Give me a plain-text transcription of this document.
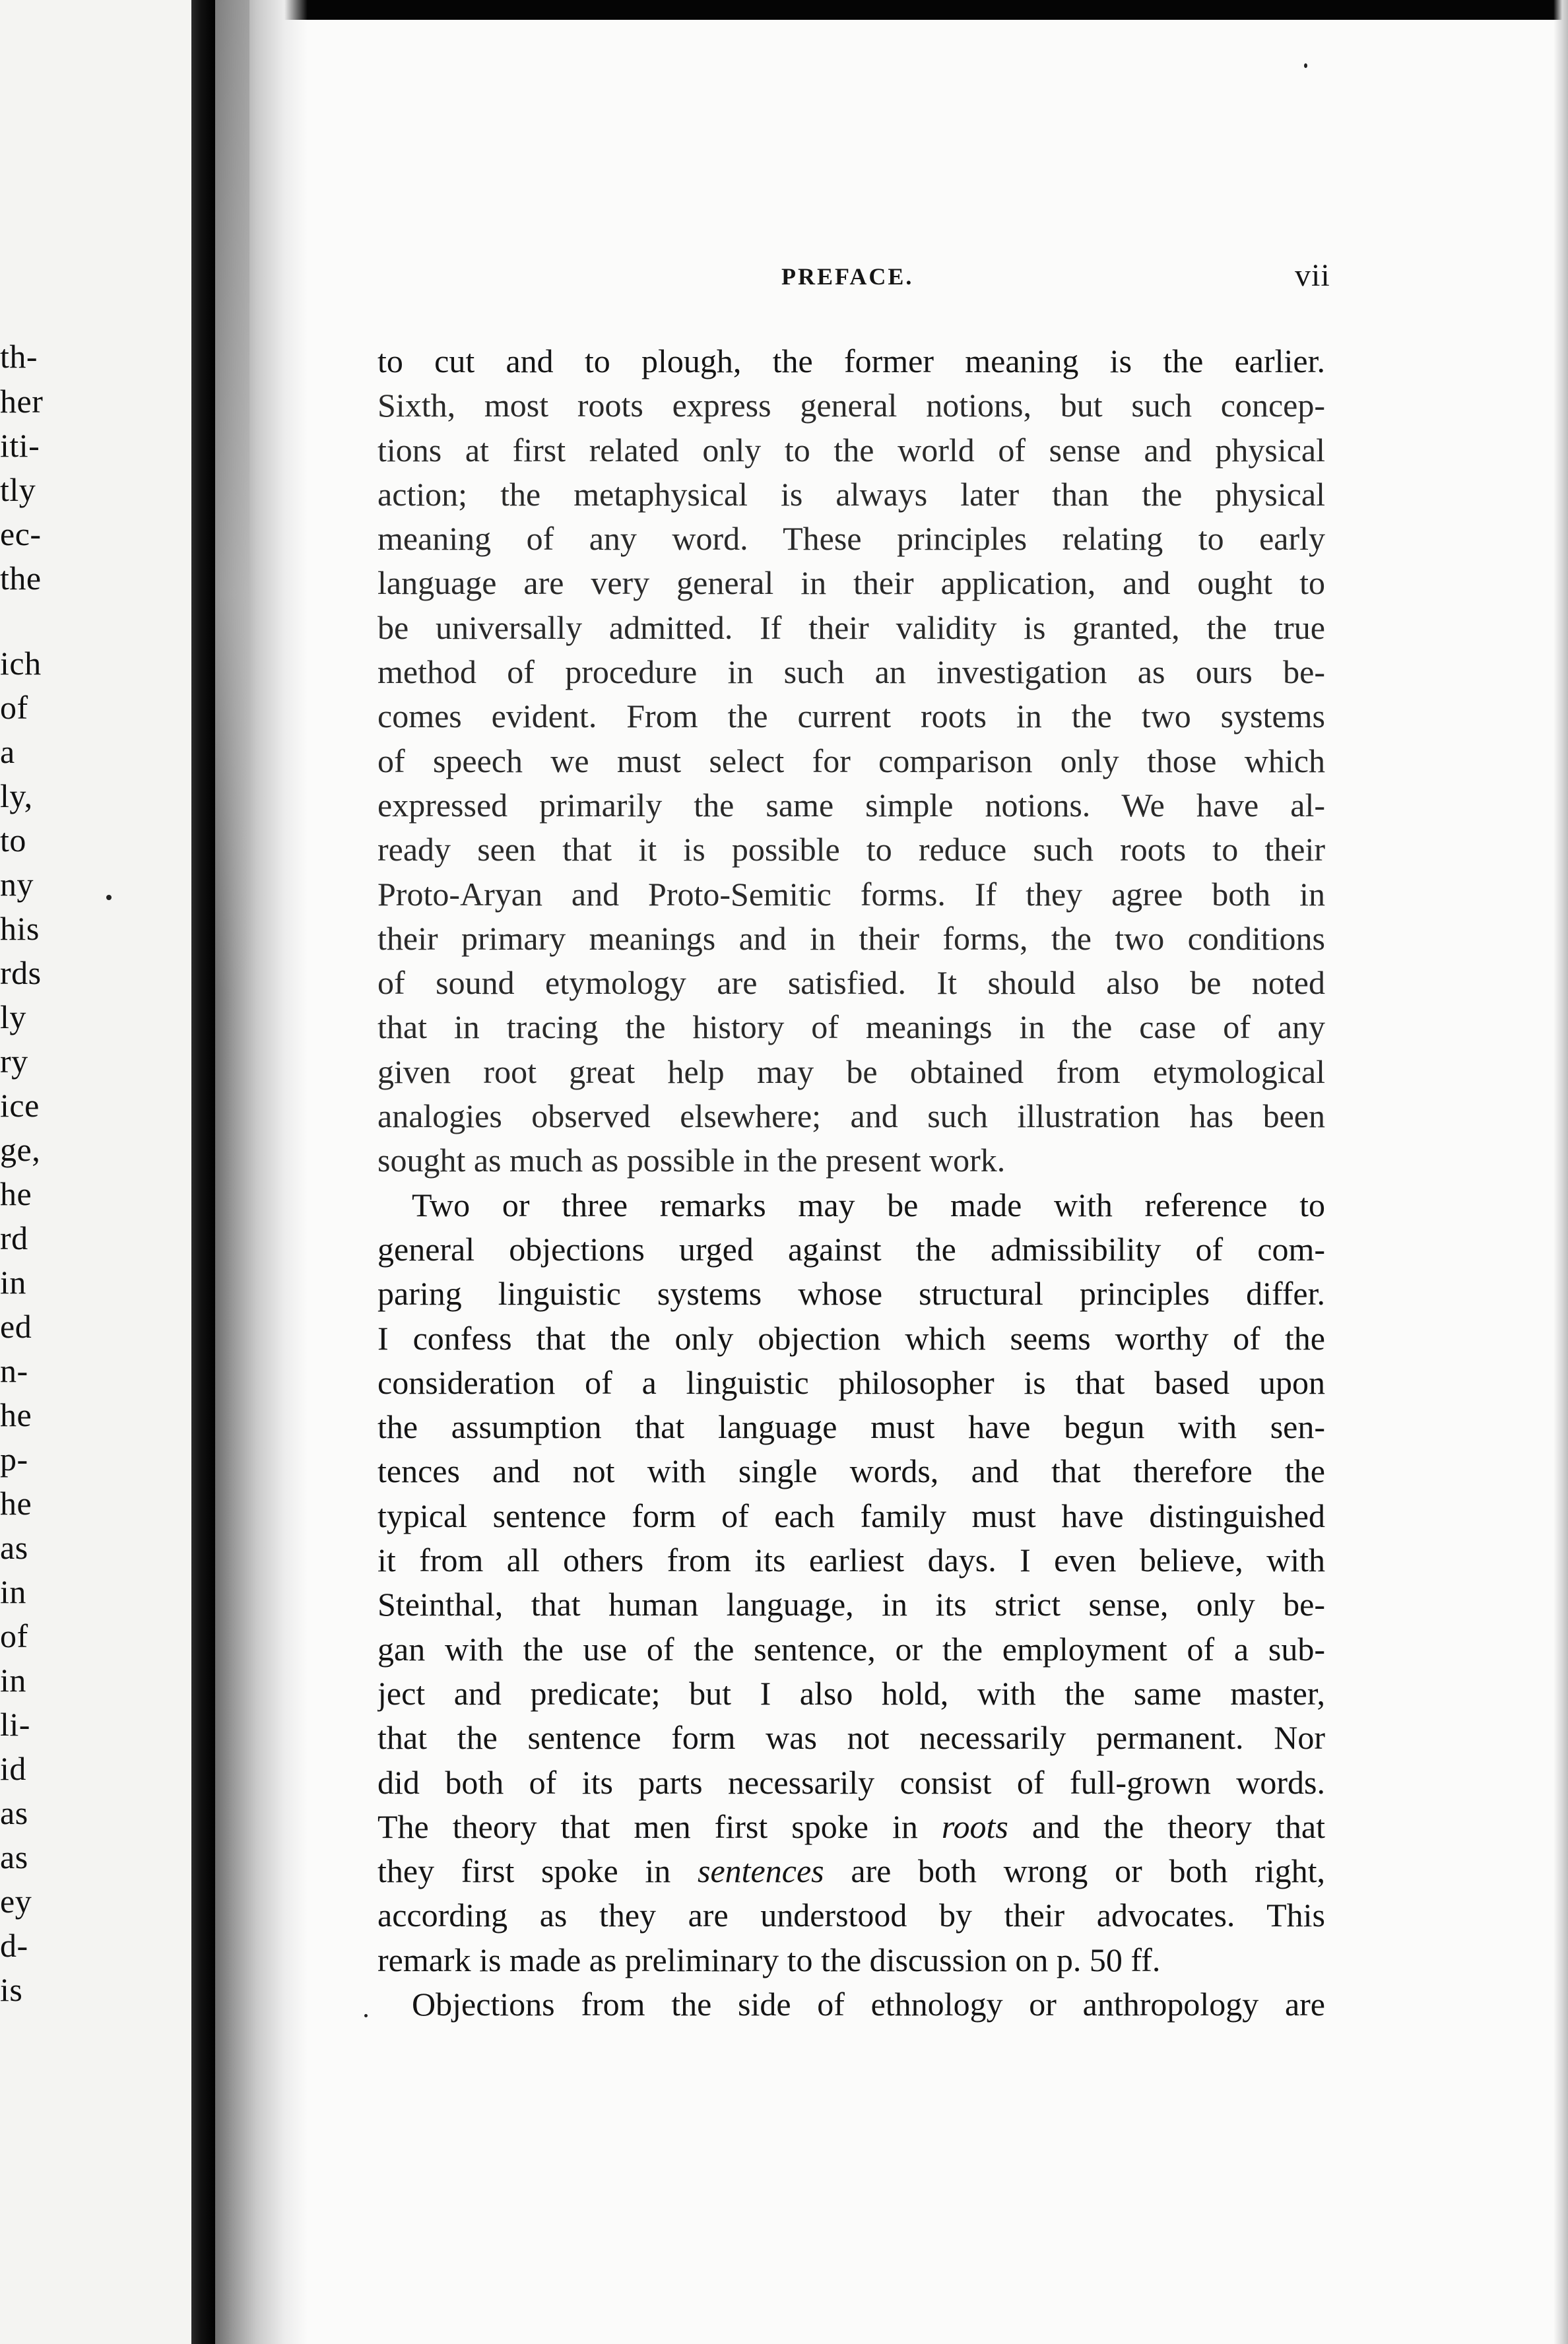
th-
her
iti-
tly
ec-
the
ich
of
a
ly,
to
ny
his
rds
ly
ry
ice
ge,
he
rd
in
ed
n-
he
p-
he
as
in
of
in
li-
id
as
as
ey
d-
is
PREFACE.	vii
to cut and to plough, the former meaning is the earlier.
Sixth, most roots express general notions, but such concep-
tions at first related only to the world of sense and physical
action; the metaphysical is always later than the physical
meaning of any word. These principles relating to early
language are very general in their application, and ought to
be universally admitted. If their validity is granted, the true
method of procedure in such an investigation as ours be-
comes evident. From the current roots in the two systems
of speech we must select for comparison only those which
expressed primarily the same simple notions. We have al-
ready seen that it is possible to reduce such roots to their
Proto-Aryan and Proto-Semitic forms. If they agree both in
their primary meanings and in their forms, the two conditions
of sound etymology are satisfied. It should also be noted
that in tracing the history of meanings in the case of any
given root great help may be obtained from etymological
analogies observed elsewhere; and such illustration has been
sought as much as possible in the present work.
Two or three remarks may be made with reference to
general objections urged against the admissibility of com-
paring linguistic systems whose structural principles differ.
I confess that the only objection which seems worthy of the
consideration of a linguistic philosopher is that based upon
the assumption that language must have begun with sen-
tences and not with single words, and that therefore the
typical sentence form of each family must have distinguished
it from all others from its earliest days. I even believe, with
Steinthal, that human language, in its strict sense, only be-
gan with the use of the sentence, or the employment of a sub-
ject and predicate; but I also hold, with the same master,
that the sentence form was not necessarily permanent. Nor
did both of its parts necessarily consist of full-grown words.
The theory that men first spoke in roots and the theory that
they first spoke in sentences are both wrong or both right,
according as they are understood by their advocates. This
remark is made as preliminary to the discussion on p. 50 ff.
Objections from the side of ethnology or anthropology are
